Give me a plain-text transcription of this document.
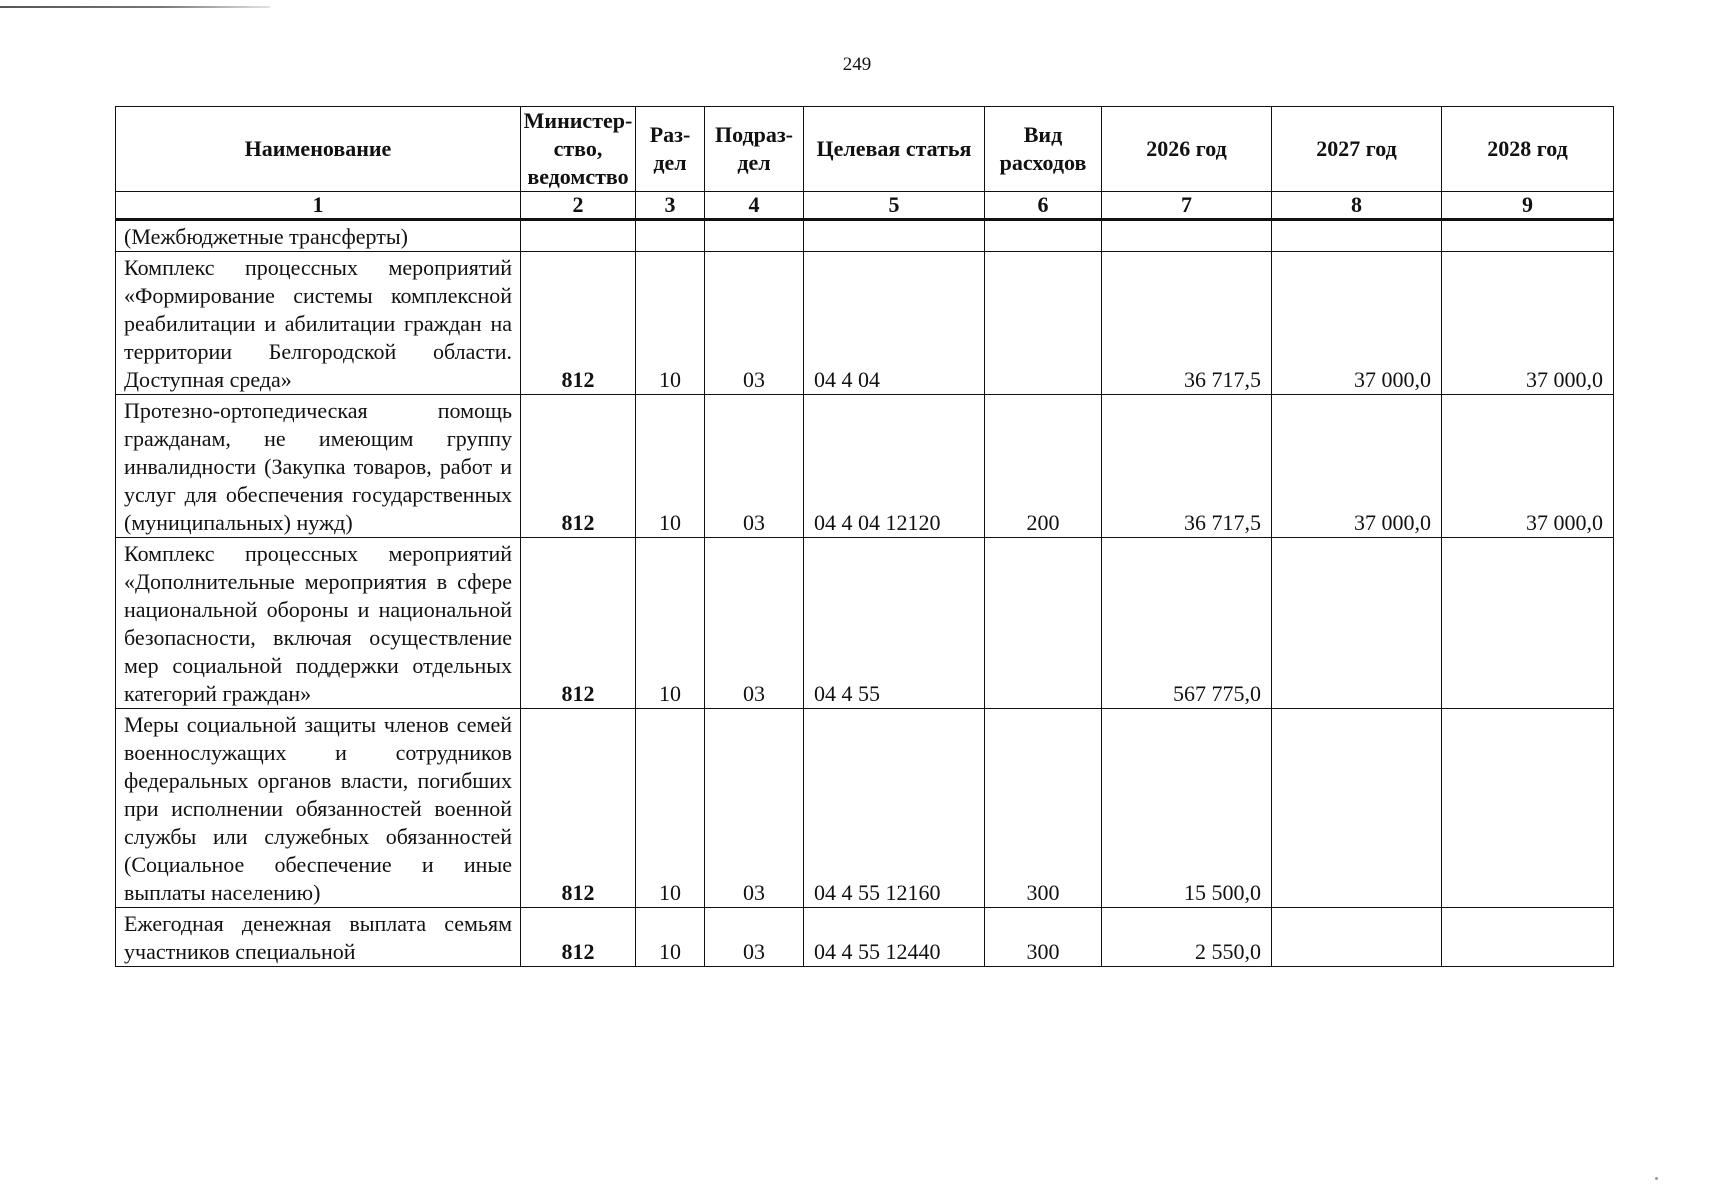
249
Наименование	Министер-ство, ведомство	Раз-дел	Подраз-дел	Целевая статья	Вид расходов	2026 год	2027 год	2028 год
1	2	3	4	5	6	7	8	9
(Межбюджетные трансферты)								
Комплекс процессных мероприятий «Формирование системы комплексной реабилитации и абилитации граждан на территории Белгородской области. Доступная среда»	812	10	03	04 4 04		36 717,5	37 000,0	37 000,0
Протезно-ортопедическая помощь гражданам, не имеющим группу инвалидности (Закупка товаров, работ и услуг для обеспечения государственных (муниципальных) нужд)	812	10	03	04 4 04 12120	200	36 717,5	37 000,0	37 000,0
Комплекс процессных мероприятий «Дополнительные мероприятия в сфере национальной обороны и национальной безопасности, включая осуществление мер социальной поддержки отдельных категорий граждан»	812	10	03	04 4 55		567 775,0		
Меры социальной защиты членов семей военнослужащих и сотрудников федеральных органов власти, погибших при исполнении обязанностей военной службы или служебных обязанностей (Социальное обеспечение и иные выплаты населению)	812	10	03	04 4 55 12160	300	15 500,0		
Ежегодная денежная выплата семьям участников специальной	812	10	03	04 4 55 12440	300	2 550,0		
